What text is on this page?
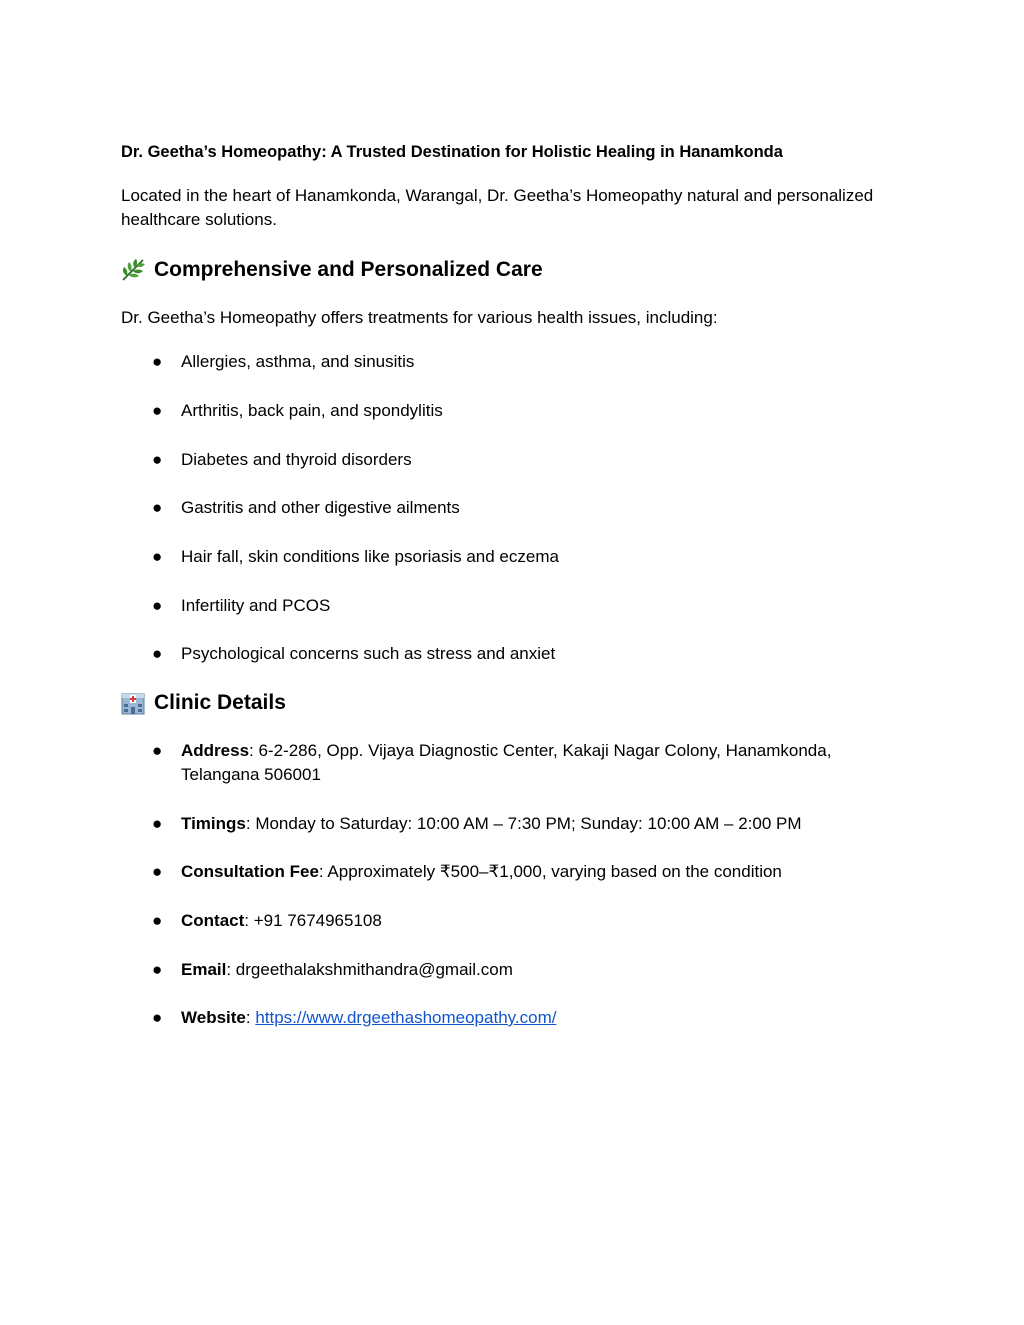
Dr. Geetha’s Homeopathy: A Trusted Destination for Holistic Healing in Hanamkonda
Located in the heart of Hanamkonda, Warangal, Dr. Geetha’s Homeopathy natural and personalized healthcare solutions.
Comprehensive and Personalized Care
Dr. Geetha’s Homeopathy offers treatments for various health issues, including:
● Allergies, asthma, and sinusitis
● Arthritis, back pain, and spondylitis
● Diabetes and thyroid disorders
● Gastritis and other digestive ailments
● Hair fall, skin conditions like psoriasis and eczema
● Infertility and PCOS
● Psychological concerns such as stress and anxiet
Clinic Details
● Address: 6-2-286, Opp. Vijaya Diagnostic Center, Kakaji Nagar Colony, Hanamkonda, Telangana 506001
● Timings: Monday to Saturday: 10:00 AM – 7:30 PM; Sunday: 10:00 AM – 2:00 PM
● Consultation Fee: Approximately ₹500–₹1,000, varying based on the condition
● Contact: +91 7674965108
● Email: drgeethalakshmithandra@gmail.com
● Website: https://www.drgeethashomeopathy.com/
